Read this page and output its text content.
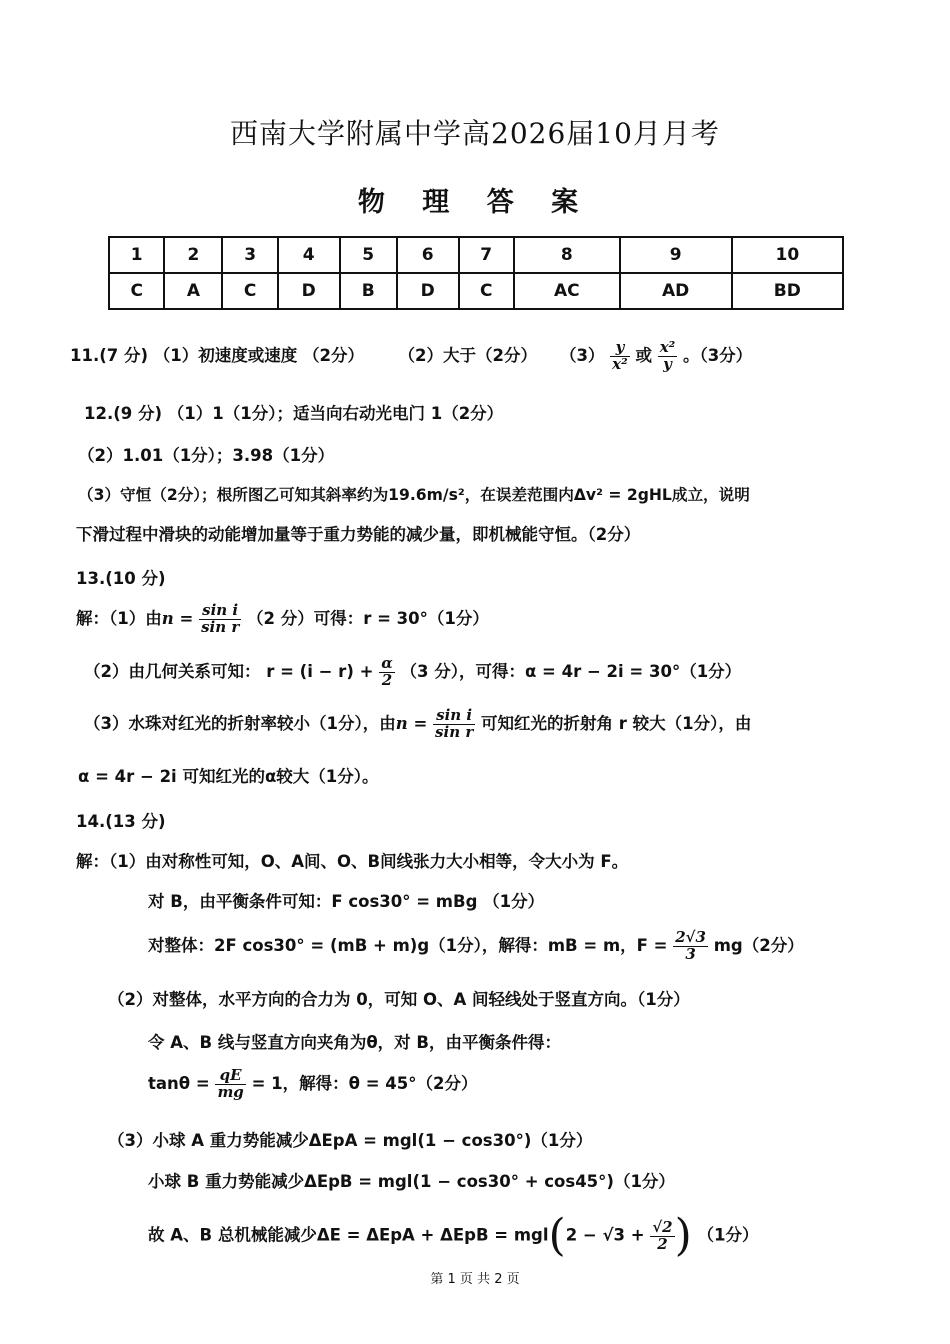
西南大学附属中学高2026届10月月考
物 理 答 案
1	2	3	4	5	6	7	8	9	10
C	A	C	D	B	D	C	AC	AD	BD
11.(7 分) （1）初速度或速度 （2分） （2）大于（2分） $(3) \frac{y}{\text{x²}}$ 或 $\frac{\text{x²}}{y}$ 。（3分）
12.(9 分) （1）1（1分）；适当向右动光电门 1（2分）
（2）1.01（1分）；3.98（1分）
（3）守恒（2分）；根所图乙可知其斜率约为19.6m/s²，在误差范围内Δv² = 2gHL成立，说明
下滑过程中滑块的动能增加量等于重力势能的减少量，即机械能守恒。（2分）
13.(10 分)
解：（1）由$n = \frac{\text{sin i}}{\text{sin r}} (2$ 分）可得：r = 30°（1分）
（2）由几何关系可知： $r = (i - r) + \frac{\alpha}{2} (3$ 分），可得：α = 4r − 2i = 30°（1分）
（3）水珠对红光的折射率较小（1分），由$n = \frac{\text{sin i}}{\text{sin r}}$ 可知红光的折射角 r 较大（1分），由
α = 4r − 2i 可知红光的α较大（1分）。
14.(13 分)
解：（1）由对称性可知，O、A间、O、B间线张力大小相等，令大小为 F。
对 B，由平衡条件可知：F cos30° = mBg （1分）
对整体：2F cos30° = (mB + m)g（1分），解得：mB = m，$F = \frac{2√3}{3} mg(2$分）
（2）对整体，水平方向的合力为 0，可知 O、A 间轻线处于竖直方向。（1分）
令 A、B 线与竖直方向夹角为θ，对 B，由平衡条件得：
$\tan\theta = \frac{qE}{mg} = 1$，解得：θ = 45°（2分）
（3）小球 A 重力势能减少ΔEpA = mgl(1 − cos30°)（1分）
小球 B 重力势能减少ΔEpB = mgl(1 − cos30° + cos45°)（1分）
故 A、B 总机械能减少$\Delta E = \Delta EpA + \Delta EpB = mgl(2 - √3 + \frac{√2}{2}$ ) （1分）
第 1 页 共 2 页
